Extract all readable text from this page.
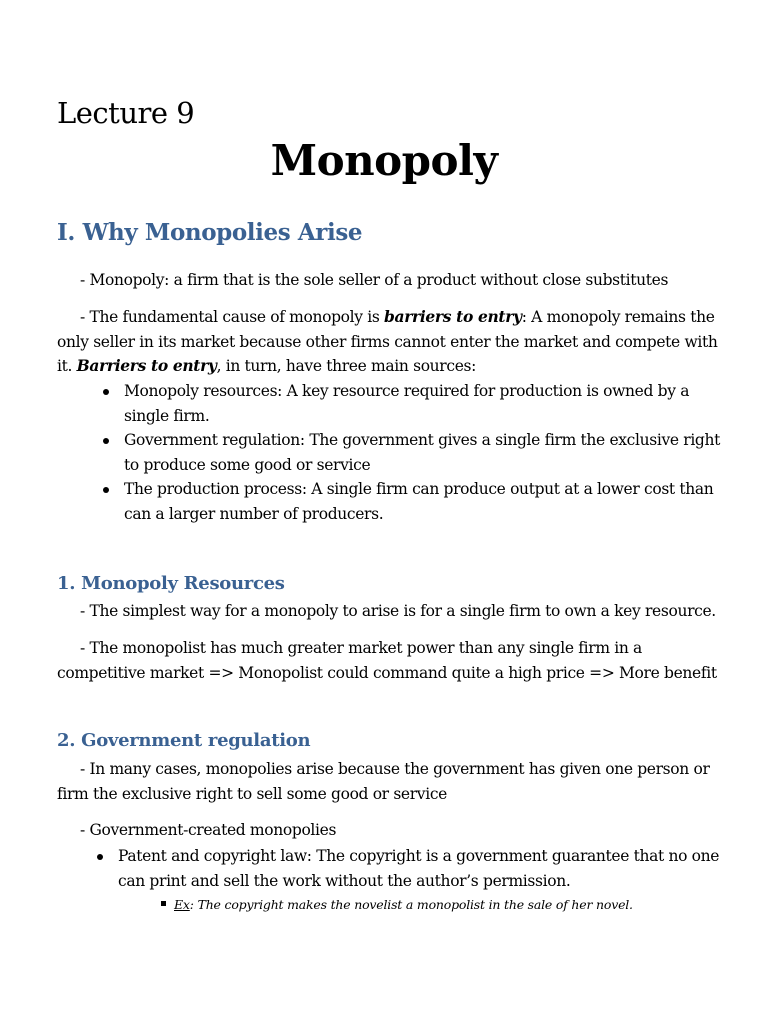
Lecture 9
Monopoly
I. Why Monopolies Arise

- Monopoly: a firm that is the sole seller of a product without close substitutes

- The fundamental cause of monopoly is barriers to entry: A monopoly remains the only seller in its market because other firms cannot enter the market and compete with it. Barriers to entry, in turn, have three main sources:

Monopoly resources: A key resource required for production is owned by a single firm.
Government regulation: The government gives a single firm the exclusive right to produce some good or service
The production process: A single firm can produce output at a lower cost than can a larger number of producers.
1. Monopoly Resources

- The simplest way for a monopoly to arise is for a single firm to own a key resource.

- The monopolist has much greater market power than any single firm in a competitive market => Monopolist could command quite a high price => More benefit

2. Government regulation

- In many cases, monopolies arise because the government has given one person or firm the exclusive right to sell some good or service

- Government-created monopolies

Patent and copyright law: The copyright is a government guarantee that no one can print and sell the work without the author’s permission.

Ex: The copyright makes the novelist a monopolist in the sale of her novel.
